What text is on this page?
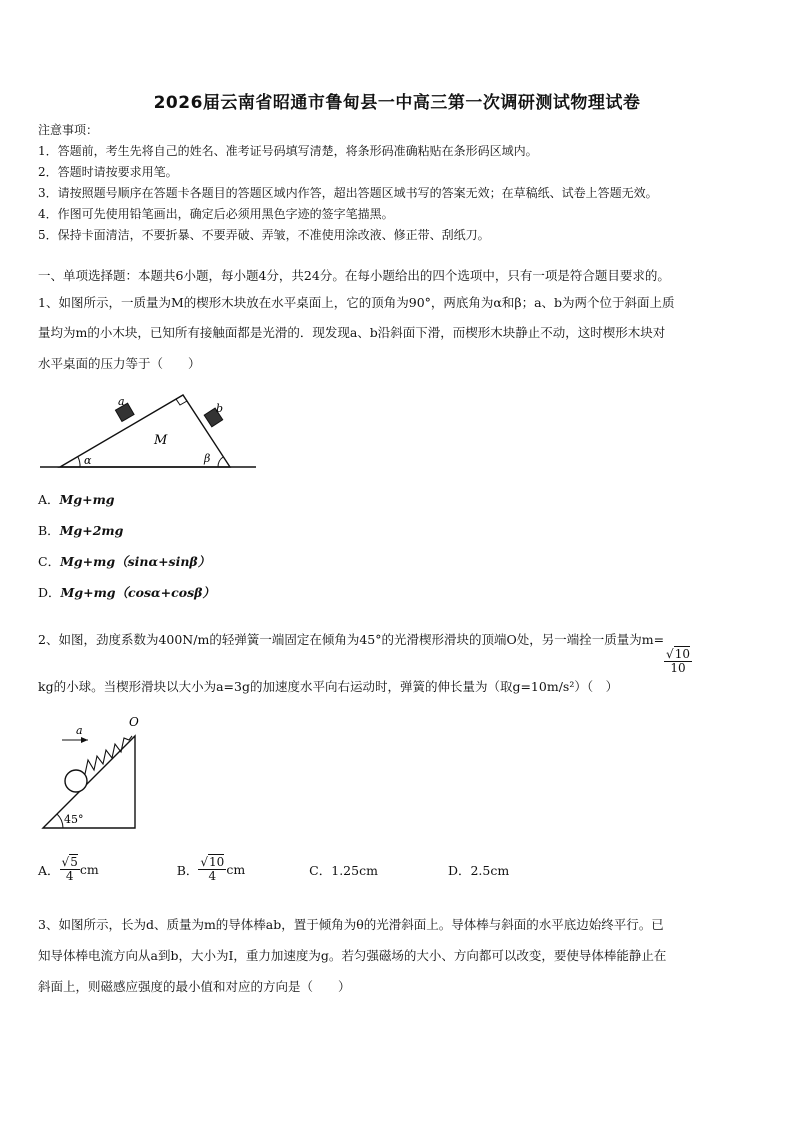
2026届云南省昭通市鲁甸县一中高三第一次调研测试物理试卷
注意事项：
1．答题前，考生先将自己的姓名、准考证号码填写清楚，将条形码准确粘贴在条形码区域内。
2．答题时请按要求用笔。
3．请按照题号顺序在答题卡各题目的答题区域内作答，超出答题区域书写的答案无效；在草稿纸、试卷上答题无效。
4．作图可先使用铅笔画出，确定后必须用黑色字迹的签字笔描黑。
5．保持卡面清洁，不要折暴、不要弄破、弄皱，不准使用涂改液、修正带、刮纸刀。
一、单项选择题：本题共6小题，每小题4分，共24分。在每小题给出的四个选项中，只有一项是符合题目要求的。
1、如图所示，一质量为M的楔形木块放在水平桌面上，它的顶角为90°，两底角为α和β；a、b为两个位于斜面上质
量均为m的小木块，已知所有接触面都是光滑的．现发现a、b沿斜面下滑，而楔形木块静止不动，这时楔形木块对
水平桌面的压力等于（　　）
a
b
M
α	β
A．Mg+mg
B．Mg+2mg
C．Mg+mg（sinα+sinβ）
D．Mg+mg（cosα+cosβ）
2、如图，劲度系数为400N/m的轻弹簧一端固定在倾角为45°的光滑楔形滑块的顶端O处，另一端拴一质量为m=
$\frac{√10}{10}$
kg的小球。当楔形滑块以大小为a=3g的加速度水平向右运动时，弹簧的伸长量为（取g=10m/s²）（　）
a
O
45°
A． $\frac{√5}{4}$ cm	B． $\frac{√10}{4}$ cm	C．1.25cm	D．2.5cm
3、如图所示，长为d、质量为m的导体棒ab，置于倾角为θ的光滑斜面上。导体棒与斜面的水平底边始终平行。已
知导体棒电流方向从a到b，大小为I，重力加速度为g。若匀强磁场的大小、方向都可以改变，要使导体棒能静止在
斜面上，则磁感应强度的最小值和对应的方向是（　　）
